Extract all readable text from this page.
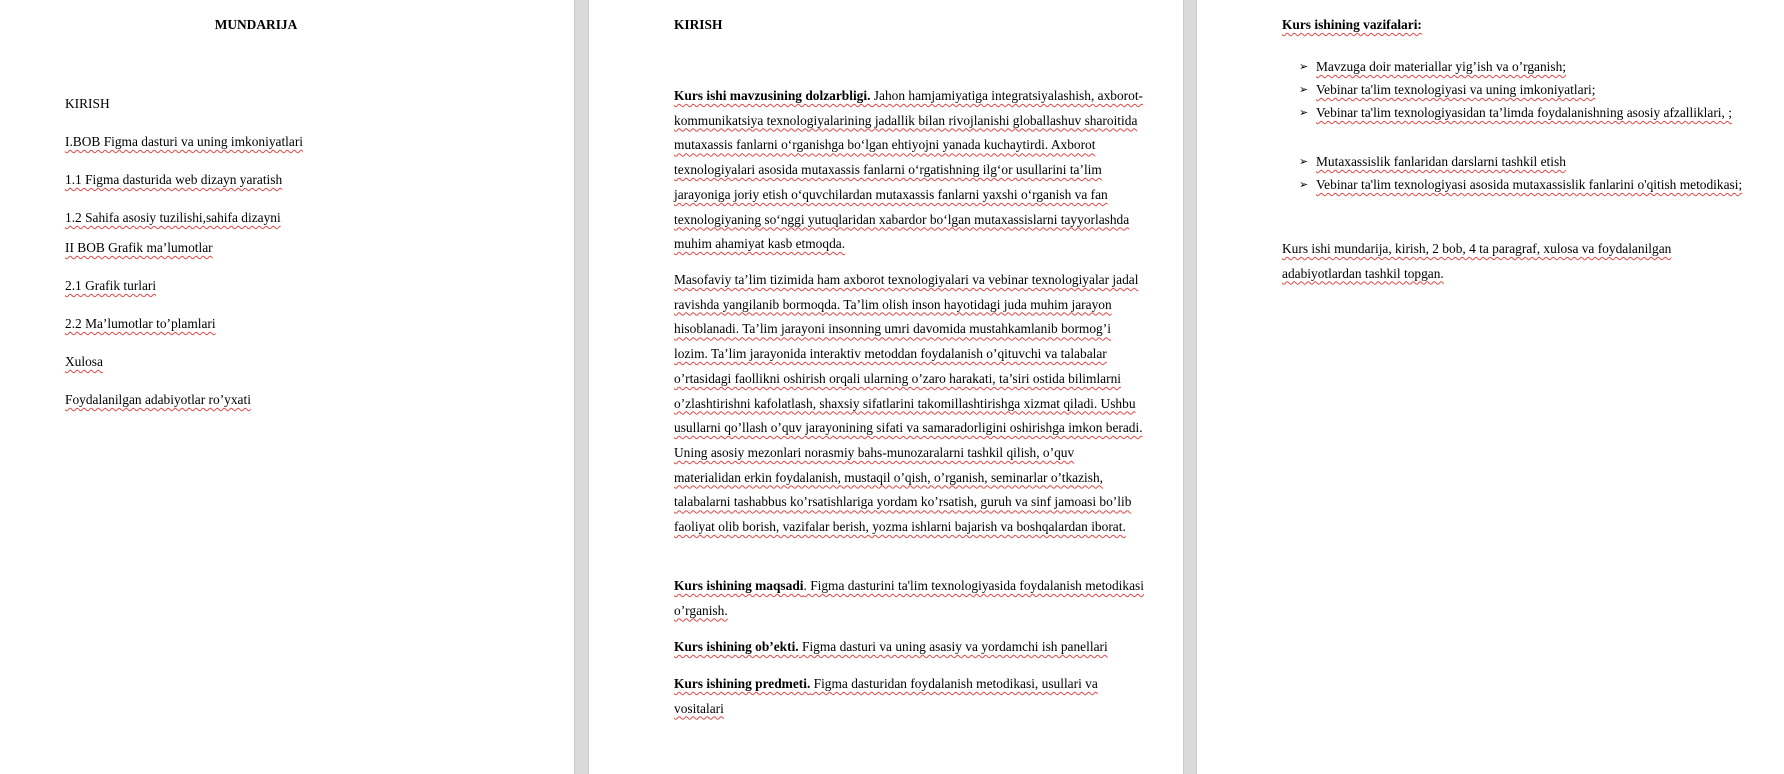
MUNDARIJA
KIRISH
I.BOB Figma dasturi va uning imkoniyatlari
1.1 Figma dasturida web dizayn yaratish
1.2 Sahifa asosiy tuzilishi,sahifa dizayni
II BOB Grafik ma’lumotlar
2.1 Grafik turlari
2.2 Ma’lumotlar to’plamlari
Xulosa
Foydalanilgan adabiyotlar ro’yxati
KIRISH
Kurs ishi mavzusining dolzarbligi. Jahon hamjamiyatiga integratsiyalashish, axborot-kommunikatsiya texnologiyalarining jadallik bilan rivojlanishi globallashuv sharoitida mutaxassis fanlarni o‘rganishga bo‘lgan ehtiyojni yanada kuchaytirdi. Axborot texnologiyalari asosida mutaxassis fanlarni o‘rgatishning ilg‘or usullarini ta’lim jarayoniga joriy etish o‘quvchilardan mutaxassis fanlarni yaxshi o‘rganish va fan texnologiyaning so‘nggi yutuqlaridan xabardor bo‘lgan mutaxassislarni tayyorlashda muhim ahamiyat kasb etmoqda.
Masofaviy ta’lim tizimida ham axborot texnologiyalari va vebinar texnologiyalar jadal ravishda yangilanib bormoqda. Ta’lim olish inson hayotidagi juda muhim jarayon hisoblanadi. Ta’lim jarayoni insonning umri davomida mustahkamlanib bormog’i lozim. Ta’lim jarayonida interaktiv metoddan foydalanish o’qituvchi va talabalar o’rtasidagi faollikni oshirish orqali ularning o’zaro harakati, ta’siri ostida bilimlarni o’zlashtirishni kafolatlash, shaxsiy sifatlarini takomillashtirishga xizmat qiladi. Ushbu usullarni qo’llash o’quv jarayonining sifati va samaradorligini oshirishga imkon beradi. Uning asosiy mezonlari norasmiy bahs-munozaralarni tashkil qilish, o’quv materialidan erkin foydalanish, mustaqil o’qish, o’rganish, seminarlar o’tkazish, talabalarni tashabbus ko’rsatishlariga yordam ko’rsatish, guruh va sinf jamoasi bo’lib faoliyat olib borish, vazifalar berish, yozma ishlarni bajarish va boshqalardan iborat.
Kurs ishining maqsadi. Figma dasturini ta'lim texnologiyasida foydalanish metodikasi o’rganish.
Kurs ishining ob’ekti. Figma dasturi va uning asasiy va yordamchi ish panellari
Kurs ishining predmeti. Figma dasturidan foydalanish metodikasi, usullari va vositalari
Kurs ishining vazifalari:
➢ Mavzuga doir materiallar yig’ish va o’rganish;
➢ Vebinar ta'lim texnologiyasi va uning imkoniyatlari;
➢ Vebinar ta'lim texnologiyasidan ta’limda foydalanishning asosiy afzalliklari, ;
➢ Mutaxassislik fanlaridan darslarni tashkil etish
➢ Vebinar ta'lim texnologiyasi asosida mutaxassislik fanlarini o'qitish metodikasi;
Kurs ishi mundarija, kirish, 2 bob, 4 ta paragraf, xulosa va foydalanilgan adabiyotlardan tashkil topgan.
